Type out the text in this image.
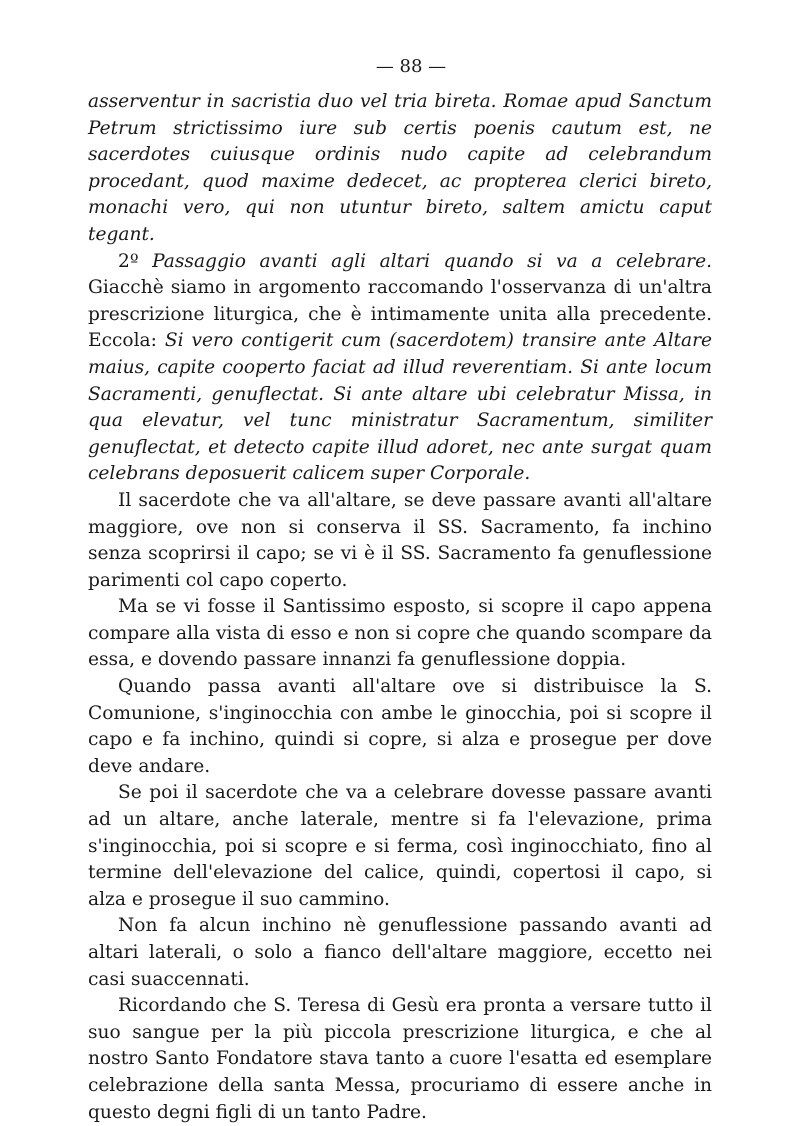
— 88 —

asserventur in sacristia duo vel tria bireta. Romae apud Sanctum Petrum strictissimo iure sub certis poenis cautum est, ne sacerdotes cuiusque ordinis nudo capite ad celebrandum procedant, quod maxime dedecet, ac propterea clerici bireto, monachi vero, qui non utuntur bireto, saltem amictu caput tegant.

2º Passaggio avanti agli altari quando si va a celebrare. Giacchè siamo in argomento raccomando l'osservanza di un'altra prescrizione liturgica, che è intimamente unita alla precedente. Eccola: Si vero contigerit cum (sacerdotem) transire ante Altare maius, capite cooperto faciat ad illud reverentiam. Si ante locum Sacramenti, genuflectat. Si ante altare ubi celebratur Missa, in qua elevatur, vel tunc ministratur Sacramentum, similiter genuflectat, et detecto capite illud adoret, nec ante surgat quam celebrans deposuerit calicem super Corporale.

Il sacerdote che va all'altare, se deve passare avanti all'altare maggiore, ove non si conserva il SS. Sacramento, fa inchino senza scoprirsi il capo; se vi è il SS. Sacramento fa genuflessione parimenti col capo coperto.

Ma se vi fosse il Santissimo esposto, si scopre il capo appena compare alla vista di esso e non si copre che quando scompare da essa, e dovendo passare innanzi fa genuflessione doppia.

Quando passa avanti all'altare ove si distribuisce la S. Comunione, s'inginocchia con ambe le ginocchia, poi si scopre il capo e fa inchino, quindi si copre, si alza e prosegue per dove deve andare.

Se poi il sacerdote che va a celebrare dovesse passare avanti ad un altare, anche laterale, mentre si fa l'elevazione, prima s'inginocchia, poi si scopre e si ferma, così inginocchiato, fino al termine dell'elevazione del calice, quindi, copertosi il capo, si alza e prosegue il suo cammino.

Non fa alcun inchino nè genuflessione passando avanti ad altari laterali, o solo a fianco dell'altare maggiore, eccetto nei casi suaccennati.

Ricordando che S. Teresa di Gesù era pronta a versare tutto il suo sangue per la più piccola prescrizione liturgica, e che al nostro Santo Fondatore stava tanto a cuore l'esatta ed esemplare celebrazione della santa Messa, procuriamo di essere anche in questo degni figli di un tanto Padre.
